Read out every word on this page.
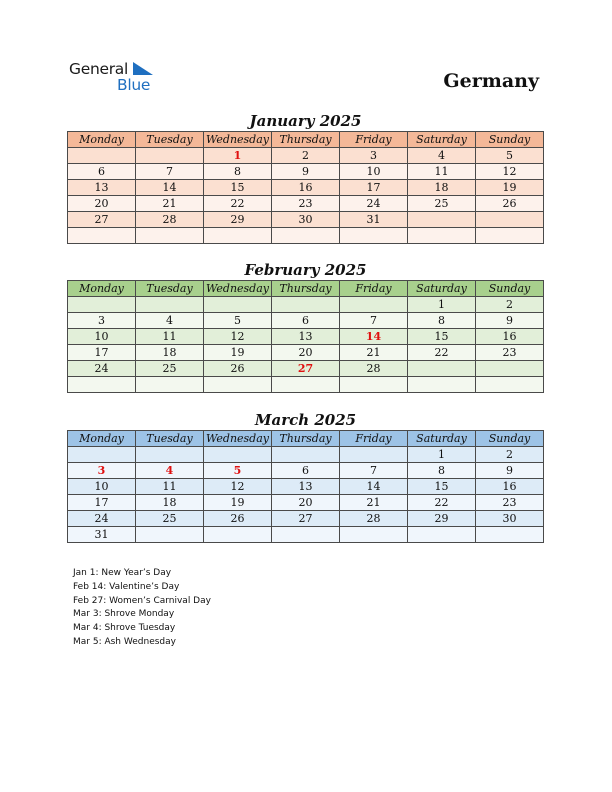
General
Blue	Germany
January 2025
Monday	Tuesday	Wednesday	Thursday	Friday	Saturday	Sunday
		1	2	3	4	5
6	7	8	9	10	11	12
13	14	15	16	17	18	19
20	21	22	23	24	25	26
27	28	29	30	31		

February 2025
Monday	Tuesday	Wednesday	Thursday	Friday	Saturday	Sunday
					1	2
3	4	5	6	7	8	9
10	11	12	13	14	15	16
17	18	19	20	21	22	23
24	25	26	27	28		

March 2025
Monday	Tuesday	Wednesday	Thursday	Friday	Saturday	Sunday
					1	2
3	4	5	6	7	8	9
10	11	12	13	14	15	16
17	18	19	20	21	22	23
24	25	26	27	28	29	30
31						
Jan 1: New Year’s Day
Feb 14: Valentine’s Day
Feb 27: Women’s Carnival Day
Mar 3: Shrove Monday
Mar 4: Shrove Tuesday
Mar 5: Ash Wednesday
